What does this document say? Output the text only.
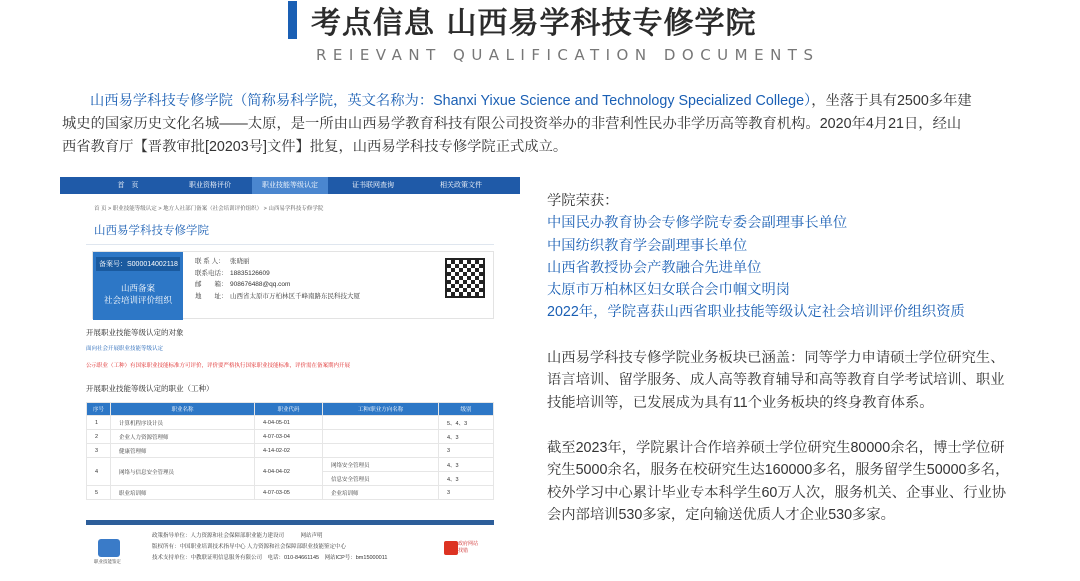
考点信息 山西易学科技专修学院
REIEVANT QUALIFICATION DOCUMENTS

山西易学科技专修学院（简称易科学院，英文名称为：Shanxi Yixue Science and Technology Specialized College），坐落于具有2500多年建城史的国家历史文化名城——太原，是一所由山西易学教育科技有限公司投资举办的非营利性民办非学历高等教育机构。2020年4月21日，经山西省教育厅【晋教审批[20203号]文件】批复，山西易学科技专修学院正式成立。

首　页	职业资格评价	职业技能等级认定	证书联网查询	相关政策文件
首 页 > 职业技能等级认定 > 地方人社部门备案（社会培训评价组织） > 山西易学科技专修学院
山西易学科技专修学院
备案号：S000014002118
山西备案
社会培训评价组织
联 系 人： 张晓丽
联系电话： 18835126609
邮　　箱： 908676488@qq.com
地　　址： 山西省太原市万柏林区千峰南路东民科技大厦
开展职业技能等级认定的对象
面向社会开展职业技能等级认定
公示职业（工种）有国家职业技能标准方可评价，评价要严格执行国家职业技能标准，评价需在备案期内开展
开展职业技能等级认定的职业（工种）
序号	职业名称	职业代码	工种/职业方向名称	级别
1	计算机程序设计员	4-04-05-01		5、4、3
2	企业人力资源管理师	4-07-03-04		4、3
3	健康管理师	4-14-02-02		3
4	网络与信息安全管理员	4-04-04-02	网络安全管理员	4、3
			信息安全管理员	4、3
5	职业培训师	4-07-03-05	企业培训师	3
职业技能鉴定
政策指导单位：人力资源和社会保障部职业能力建设司　　　网站声明
版权所有：中国职业培训技术指导中心 人力资源和社会保障部职业技能鉴定中心
技术支持单位：中教联证明信息服务有限公司　电话：010-84661145　网站ICP号：bm15000011
政府网站
找错
学院荣获：
中国民办教育协会专修学院专委会副理事长单位
中国纺织教育学会副理事长单位
山西省教授协会产教融合先进单位
太原市万柏林区妇女联合会巾帼文明岗
2022年，学院喜获山西省职业技能等级认定社会培训评价组织资质
山西易学科技专修学院业务板块已涵盖：同等学力申请硕士学位研究生、语言培训、留学服务、成人高等教育辅导和高等教育自学考试培训、职业技能培训等，已发展成为具有11个业务板块的终身教育体系。
截至2023年，学院累计合作培养硕士学位研究生80000余名，博士学位研究生5000余名，服务在校研究生达160000多名，服务留学生50000多名，校外学习中心累计毕业专本科学生60万人次，服务机关、企事业、行业协会内部培训530多家，定向输送优质人才企业530多家。
